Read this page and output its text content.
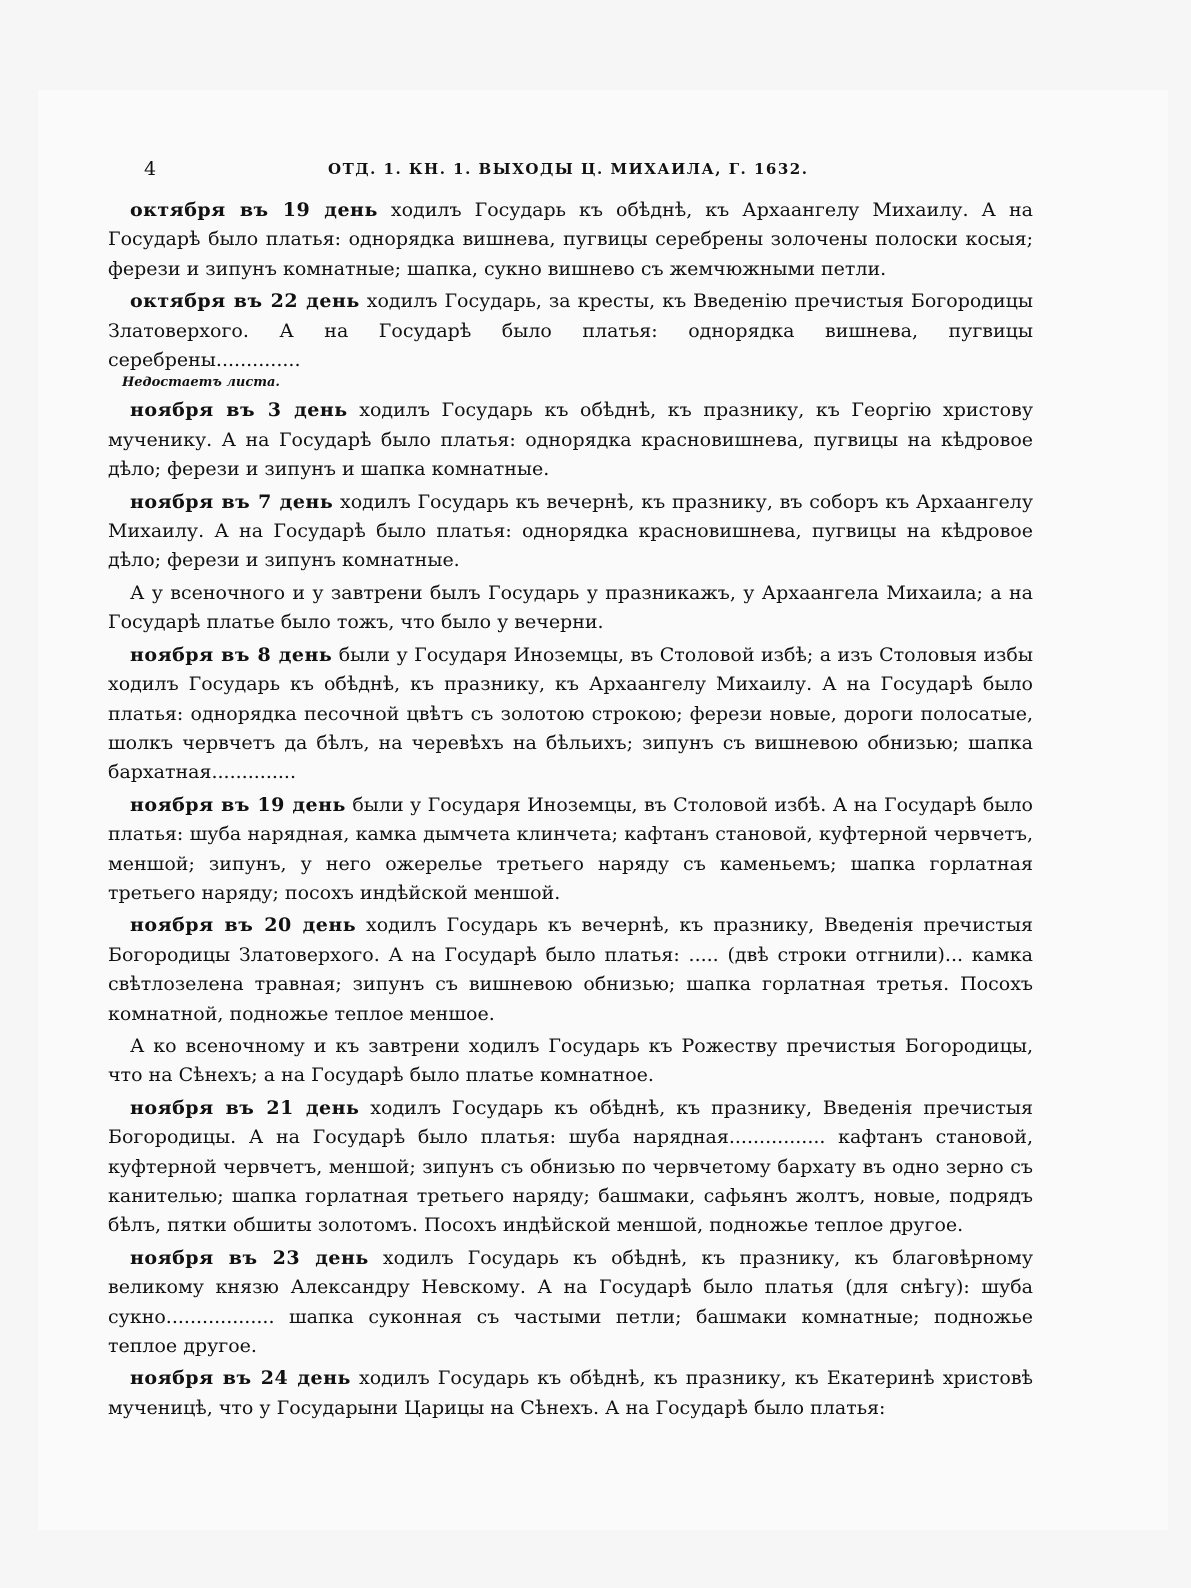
4	ОТД. 1. КН. 1. ВЫХОДЫ Ц. МИХАИЛА, Г. 1632.

октября въ 19 день ходилъ Государь къ обѣднѣ, къ Архаангелу Михаилу. А на Государѣ было платья: однорядка вишнева, пугвицы серебрены золочены полоски косыя; ферези и зипунъ комнатные; шапка, сукно вишнево съ жемчюжными петли.

октября въ 22 день ходилъ Государь, за кресты, къ Введенію пречистыя Богородицы Златоверхого. А на Государѣ было платья: однорядка вишнева, пугвицы серебрены..............

Недостаетъ листа.

ноября въ 3 день ходилъ Государь къ обѣднѣ, къ празнику, къ Георгію христову мученику. А на Государѣ было платья: однорядка красновишнева, пугвицы на кѣдровое дѣло; ферези и зипунъ и шапка комнатные.

ноября въ 7 день ходилъ Государь къ вечернѣ, къ празнику, въ соборъ къ Архаангелу Михаилу. А на Государѣ было платья: однорядка красновишнева, пугвицы на кѣдровое дѣло; ферези и зипунъ комнатные.

А у всеночного и у завтрени былъ Государь у празникажъ, у Архаангела Михаила; а на Государѣ платье было тожъ, что было у вечерни.

ноября въ 8 день были у Государя Иноземцы, въ Столовой избѣ; а изъ Столовыя избы ходилъ Государь къ обѣднѣ, къ празнику, къ Архаангелу Михаилу. А на Государѣ было платья: однорядка песочной цвѣтъ съ золотою строкою; ферези новые, дороги полосатые, шолкъ червчетъ да бѣлъ, на черевѣхъ на бѣльихъ; зипунъ съ вишневою обнизью; шапка бархатная..............

ноября въ 19 день были у Государя Иноземцы, въ Столовой избѣ. А на Государѣ было платья: шуба нарядная, камка дымчета клинчета; кафтанъ становой, куфтерной червчетъ, меншой; зипунъ, у него ожерелье третьего наряду съ каменьемъ; шапка горлатная третьего наряду; посохъ индѣйской меншой.

ноября въ 20 день ходилъ Государь къ вечернѣ, къ празнику, Введенія пречистыя Богородицы Златоверхого. А на Государѣ было платья: ..... (двѣ строки отгнили)... камка свѣтлозелена травная; зипунъ съ вишневою обнизью; шапка горлатная третья. Посохъ комнатной, подножье теплое меншое.

А ко всеночному и къ завтрени ходилъ Государь къ Рожеству пречистыя Богородицы, что на Сѣнехъ; а на Государѣ было платье комнатное.

ноября въ 21 день ходилъ Государь къ обѣднѣ, къ празнику, Введенія пречистыя Богородицы. А на Государѣ было платья: шуба нарядная................ кафтанъ становой, куфтерной червчетъ, меншой; зипунъ съ обнизью по червчетому бархату въ одно зерно съ канителью; шапка горлатная третьего наряду; башмаки, сафьянъ жолтъ, новые, подрядъ бѣлъ, пятки обшиты золотомъ. Посохъ индѣйской меншой, подножье теплое другое.

ноября въ 23 день ходилъ Государь къ обѣднѣ, къ празнику, къ благовѣрному великому князю Александру Невскому. А на Государѣ было платья (для снѣгу): шуба сукно.................. шапка суконная съ частыми петли; башмаки комнатные; подножье теплое другое.

ноября въ 24 день ходилъ Государь къ обѣднѣ, къ празнику, къ Екатеринѣ христовѣ мученицѣ, что у Государыни Царицы на Сѣнехъ. А на Государѣ было платья:
